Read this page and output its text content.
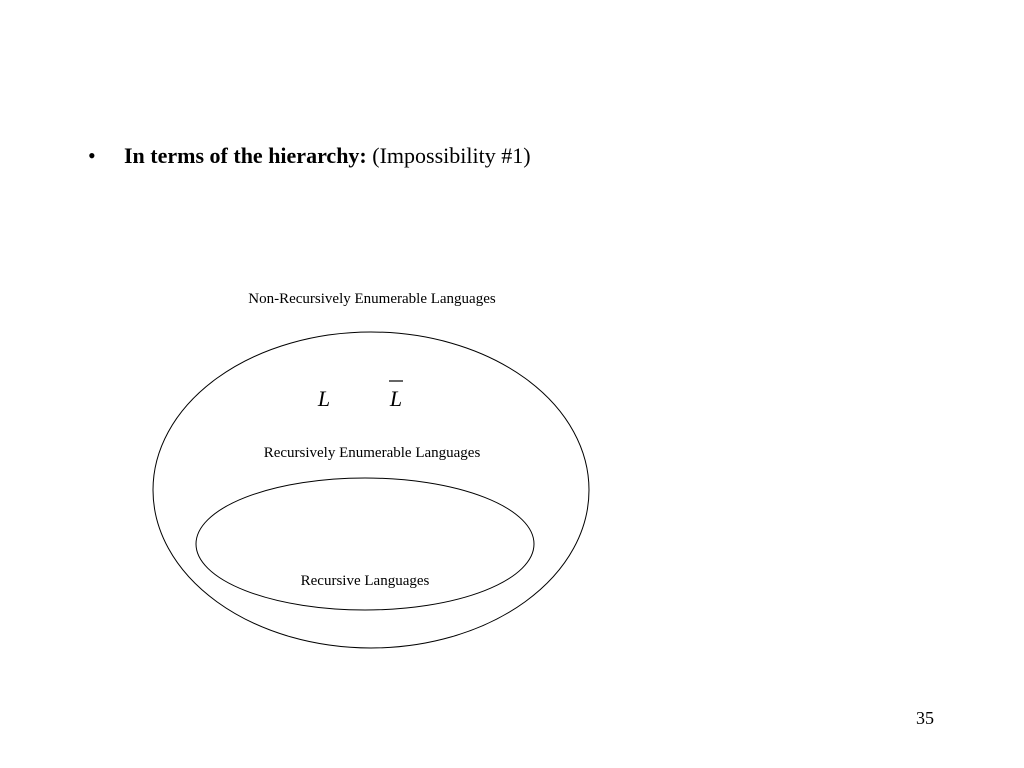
• In terms of the hierarchy: (Impossibility #1)
Non-Recursively Enumerable Languages
L	L
Recursively Enumerable Languages
Recursive Languages
35
